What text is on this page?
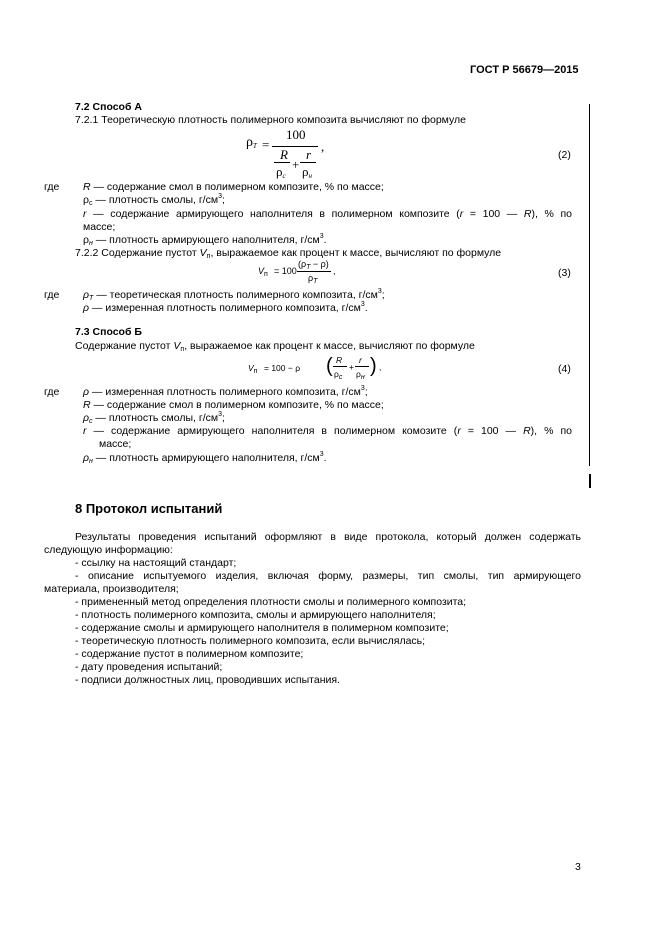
ГОСТ Р 56679—2015
7.2 Способ А
7.2.1 Теоретическую плотность полимерного композита вычисляют по формуле
$\rho_T$ =
100
R
+
r
$\rho_c$ $\rho_н$
,
(2)
где R — содержание смол в полимерном композите, % по массе;
$\rho_с$ — плотность смолы, $г/см^3$;
r — содержание армирующего наполнителя в полимерном композите (r = 100 — R), % по
массе;
$\rho_н$ — плотность армирующего наполнителя, $г/см^3$.
7.2.2 Содержание пустот $V_п$, выражаемое как процент к массе, вычисляют по формуле
$V_п = 100$
$(\rho_T - \rho)$
$\rho_T$
,	(3)
где $\rho_T$ — теоретическая плотность полимерного композита, $г/см^3$;
ρ — измеренная плотность полимерного композита, $г/см^3$.
7.3 Способ Б
Содержание пустот $V_п$, выражаемое как процент к массе, вычисляют по формуле
$V_п = 100 - \rho$ ( R
$\rho_с$
+
r
$\rho_н$
) ,	(4)
где ρ — измеренная плотность полимерного композита, $г/см^3$;
R — содержание смол в полимерном композите, % по массе;
$\rho_с$ — плотность смолы, $г/см^3$;
r — содержание армирующего наполнителя в полимерном комозите (r = 100 — R), % по
массе;
$\rho_н$ — плотность армирующего наполнителя, $г/см^3$.
8 Протокол испытаний
Результаты проведения испытаний оформляют в виде протокола, который должен содержать
следующую информацию:
- ссылку на настоящий стандарт;
- описание испытуемого изделия, включая форму, размеры, тип смолы, тип армирующего
материала, производителя;
- примененный метод определения плотности смолы и полимерного композита;
- плотность полимерного композита, смолы и армирующего наполнителя;
- содержание смолы и армирующего наполнителя в полимерном композите;
- теоретическую плотность полимерного композита, если вычислялась;
- содержание пустот в полимерном композите;
- дату проведения испытаний;
- подписи должностных лиц, проводивших испытания.
3
